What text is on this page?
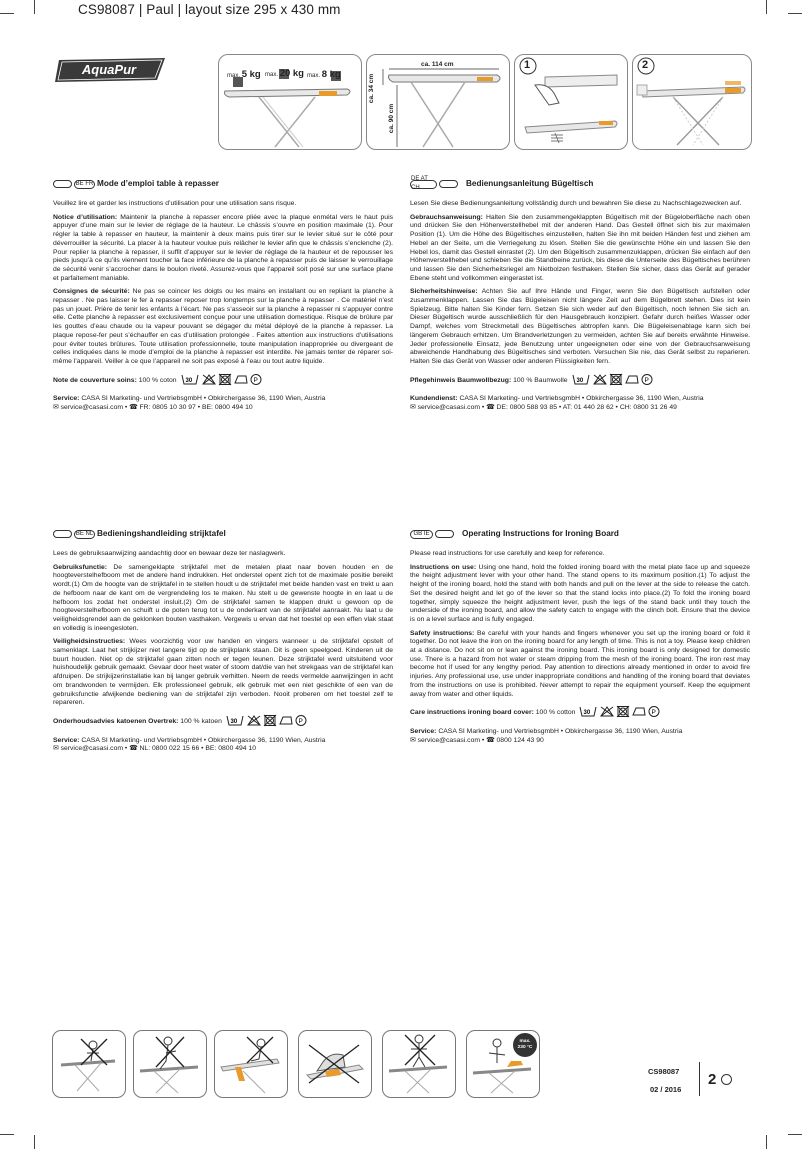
CS98087 | Paul | layout size 295 x 430 mm
AquaPur	max. 5 kg max. 20 kg max. 8 kg
ca. 114 cm
ca. 34 cm
ca. 90 cm
1	2
BE FR Mode d’emploi table à repasser

Veuillez lire et garder les instructions d’utilisation pour une utilisation sans risque.

Notice d’utilisation: Maintenir la planche à repasser encore pliée avec la plaque enmétal vers le haut puis appuyer d’une main sur le levier de réglage de la hauteur. Le châssis s’ouvre en position maximale (1). Pour régler la table à repasser en hauteur, la maintenir à deux mains puis tirer sur le levier situé sur le côté pour déverrouiller la sécurité. La placer à la hauteur voulue puis relâcher le levier afin que le châssis s’enclenche (2). Pour replier la planche à repasser, il suffit d’appuyer sur le levier de réglage de la hauteur et de repousser les pieds jusqu’à ce qu’ils viennent toucher la face inférieure de la planche à repasser puis de laisser le verrouillage de sécurité venir s’accrocher dans le boulon riveté. Assurez-vous que l’appareil soit posé sur une surface plane et parfaitement maniable.

Consignes de sécurité: Ne pas se coincer les doigts ou les mains en installant ou en repliant la planche à repasser . Ne pas laisser le fer à repasser reposer trop longtemps sur la planche à repasser . Ce matériel n’est pas un jouet. Prière de tenir les enfants à l’écart. Ne pas s’asseoir sur la planche à repasser ni s’appuyer contre elle. Cette planche à repasser est exclusivement conçue pour une utilisation domestique. Risque de brûlure par les gouttes d’eau chaude ou la vapeur pouvant se dégager du métal déployé de la planche à repasser. La plaque repose-fer peut s’échauffer en cas d’utilisation prolongée . Faites attention aux instructions d’utilisations pour éviter toutes brûlures. Toute utilisation professionnelle, toute manipulation inappropriée ou divergeant de celles indiquées dans le mode d’emploi de la planche à repasser est interdite. Ne jamais tenter de réparer soi-même l’appareil. Veiller à ce que l’appareil ne soit pas exposé à l’eau ou tout autre liquide.

Note de couverture soins: 100 % coton 30	P

Service: CASA SI Marketing- und VertriebsgmbH • Obkirchergasse 36, 1190 Wien, Austria

✉ service@casasi.com • ☎ FR: 0805 10 30 97 • BE: 0800 494 10

DE AT CH
Bedienungsanleitung Bügeltisch

Lesen Sie diese Bedienungsanleitung vollständig durch und bewahren Sie diese zu Nachschlagezwecken auf.

Gebrauchsanweisung: Halten Sie den zusammengeklappten Bügeltisch mit der Bügeloberfläche nach oben und drücken Sie den Höhenverstellhebel mit der anderen Hand. Das Gestell öffnet sich bis zur maximalen Position (1). Um die Höhe des Bügeltisches einzustellen, halten Sie ihn mit beiden Händen fest und ziehen am Hebel an der Seite, um die Verriegelung zu lösen. Stellen Sie die gewünschte Höhe ein und lassen Sie den Hebel los, damit das Gestell einrastet (2). Um den Bügeltisch zusammenzuklappen, drücken Sie einfach auf den Höhenverstellhebel und schieben Sie die Standbeine zurück, bis diese die Unterseite des Bügeltisches berühren und lassen Sie den Sicherheitsriegel am Nietbolzen festhaken. Stellen Sie sicher, dass das Gerät auf gerader Ebene steht und vollkommen eingerastet ist.

Sicherheitshinweise: Achten Sie auf Ihre Hände und Finger, wenn Sie den Bügeltisch aufstellen oder zusammenklappen. Lassen Sie das Bügeleisen nicht längere Zeit auf dem Bügelbrett stehen. Dies ist kein Spielzeug. Bitte halten Sie Kinder fern. Setzen Sie sich weder auf den Bügeltisch, noch lehnen Sie sich an. Dieser Bügeltisch wurde ausschließlich für den Hausgebrauch konzipiert. Gefahr durch heißes Wasser oder Dampf, welches vom Streckmetall des Bügeltisches abtropfen kann. Die Bügeleisenablage kann sich bei längerem Gebrauch erhitzen. Um Brandverletzungen zu vermeiden, achten Sie auf bereits erwähnte Hinweise. Jeder professionelle Einsatz, jede Benutzung unter ungeeigneten oder eine von der Gebrauchsanweisung abweichende Handhabung des Bügeltisches sind verboten. Versuchen Sie nie, das Gerät selbst zu reparieren. Halten Sie das Gerät von Wasser oder anderen Flüssigkeiten fern.

Pflegehinweis Baumwollbezug: 100 % Baumwolle 30	P

Kundendienst: CASA SI Marketing- und VertriebsgmbH • Obkirchergasse 36, 1190 Wien, Austria

✉ service@casasi.com • ☎ DE: 0800 588 93 85 • AT: 01 440 28 62 • CH: 0800 31 26 49

BE NL Bedieningshandleiding strijktafel

Lees de gebruiksaanwijzing aandachtig door en bewaar deze ter naslagwerk.

Gebruiksfunctie: De samengeklapte strijktafel met de metalen plaat naar boven houden en de hoogteverstelhefboom met de andere hand indrukken. Het onderstel opent zich tot de maximale positie bereikt wordt.(1) Om de hoogte van de strijktafel in te stellen houdt u de strijktafel met beide handen vast en trekt u aan de hefboom naar de kant om de vergrendeling los te maken. Nu stelt u de gewenste hoogte in en laat u de hefboom los zodat het onderstel insluit.(2) Om de strijktafel samen te klappen drukt u gewoon op de hoogteverstelhefboom en schuift u de poten terug tot u de onderkant van de strijktafel aanraakt. Nu laat u de veiligheidsgrendel aan de geklonken bouten vasthaken. Vergewis u ervan dat het toestel op een effen vlak staat en volledig is ineengesloten.

Veiligheidsinstructies: Wees voorzichtig voor uw handen en vingers wanneer u de strijktafel opstelt of samenklapt. Laat het strijkijzer niet langere tijd op de strijkplank staan. Dit is geen speelgoed. Kinderen uit de buurt houden. Niet op de strijktafel gaan zitten noch er tegen leunen. Deze strijktafel werd uitsluitend voor huishoudelijk gebruik gemaakt. Gevaar door heet water of stoom dat/die van het strekgaas van de strijktafel kan afdruipen. De strijkijzerinstallatie kan bij langer gebruik verhitten. Neem de reeds vermelde aanwijzingen in acht om brandwonden te vermijden. Elk professioneel gebruik, elk gebruik met een niet geschikte of een van de gebruiksfunctie afwijkende bediening van de strijktafel zijn verboden. Nooit proberen om het toestel zelf te repareren.

Onderhoudsadvies katoenen Overtrek: 100 % katoen 30	P

Service: CASA SI Marketing- und VertriebsgmbH • Obkirchergasse 36, 1190 Wien, Austria

✉ service@casasi.com • ☎ NL: 0800 022 15 66 • BE: 0800 494 10

GB IE	Operating Instructions for Ironing Board

Please read instructions for use carefully and keep for reference.

Instructions on use: Using one hand, hold the folded ironing board with the metal plate face up and squeeze the height adjustment lever with your other hand. The stand opens to its maximum position.(1) To adjust the height of the ironing board, hold the stand with both hands and pull on the lever at the side to release the catch. Set the desired height and let go of the lever so that the stand locks into place.(2) To fold the ironing board together, simply squeeze the height adjustment lever, push the legs of the stand back until they touch the underside of the ironing board, and allow the safety catch to engage with the clinch bolt. Ensure that the device is on a level surface and is fully engaged.

Safety instructions: Be careful with your hands and fingers whenever you set up the ironing board or fold it together. Do not leave the iron on the ironing board for any length of time. This is not a toy. Please keep children at a distance. Do not sit on or lean against the ironing board. This ironing board is only designed for domestic use. There is a hazard from hot water or steam dripping from the mesh of the ironing board. The iron rest may become hot if used for any lengthy period. Pay attention to directions already mentioned in order to avoid fire injuries. Any professional use, use under inappropriate conditions and handling of the ironing board that deviates from the instructions on use is prohibited. Never attempt to repair the equipment yourself. Keep the equipment away from water and other liquids.

Care instructions ironing board cover: 100 % cotton 30	P

Service: CASA SI Marketing- und VertriebsgmbH • Obkirchergasse 36, 1190 Wien, Austria

✉ service@casasi.com • ☎ 0800 124 43 90

max.
230 °C
CS98087
02 / 2016
2
